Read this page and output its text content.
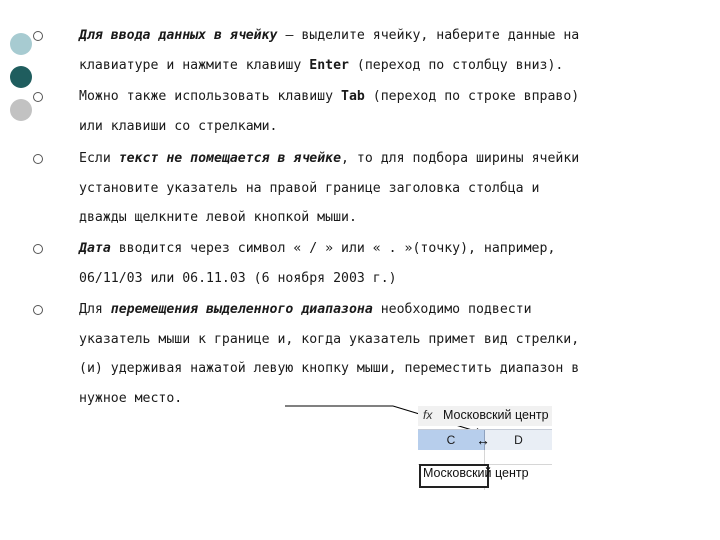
Для ввода данных в ячейку – выделите ячейку, наберите данные на
клавиатуре и нажмите клавишу Enter (переход по столбцу вниз).
Можно также использовать клавишу Tab (переход по строке вправо)
или клавиши со стрелками.
Если текст не помещается в ячейке, то для подбора ширины ячейки
установите указатель на правой границе заголовка столбца и
дважды щелкните левой кнопкой мыши.
Дата вводится через символ « / » или « . »(точку), например,
06/11/03 или 06.11.03 (6 ноября 2003 г.)
Для перемещения выделенного диапазона необходимо подвести
указатель мыши к границе и, когда указатель примет вид стрелки,
(и) удерживая нажатой левую кнопку мыши, переместить диапазон в
нужное место.
fx Московский центр
C	D
↔
Московский центр
